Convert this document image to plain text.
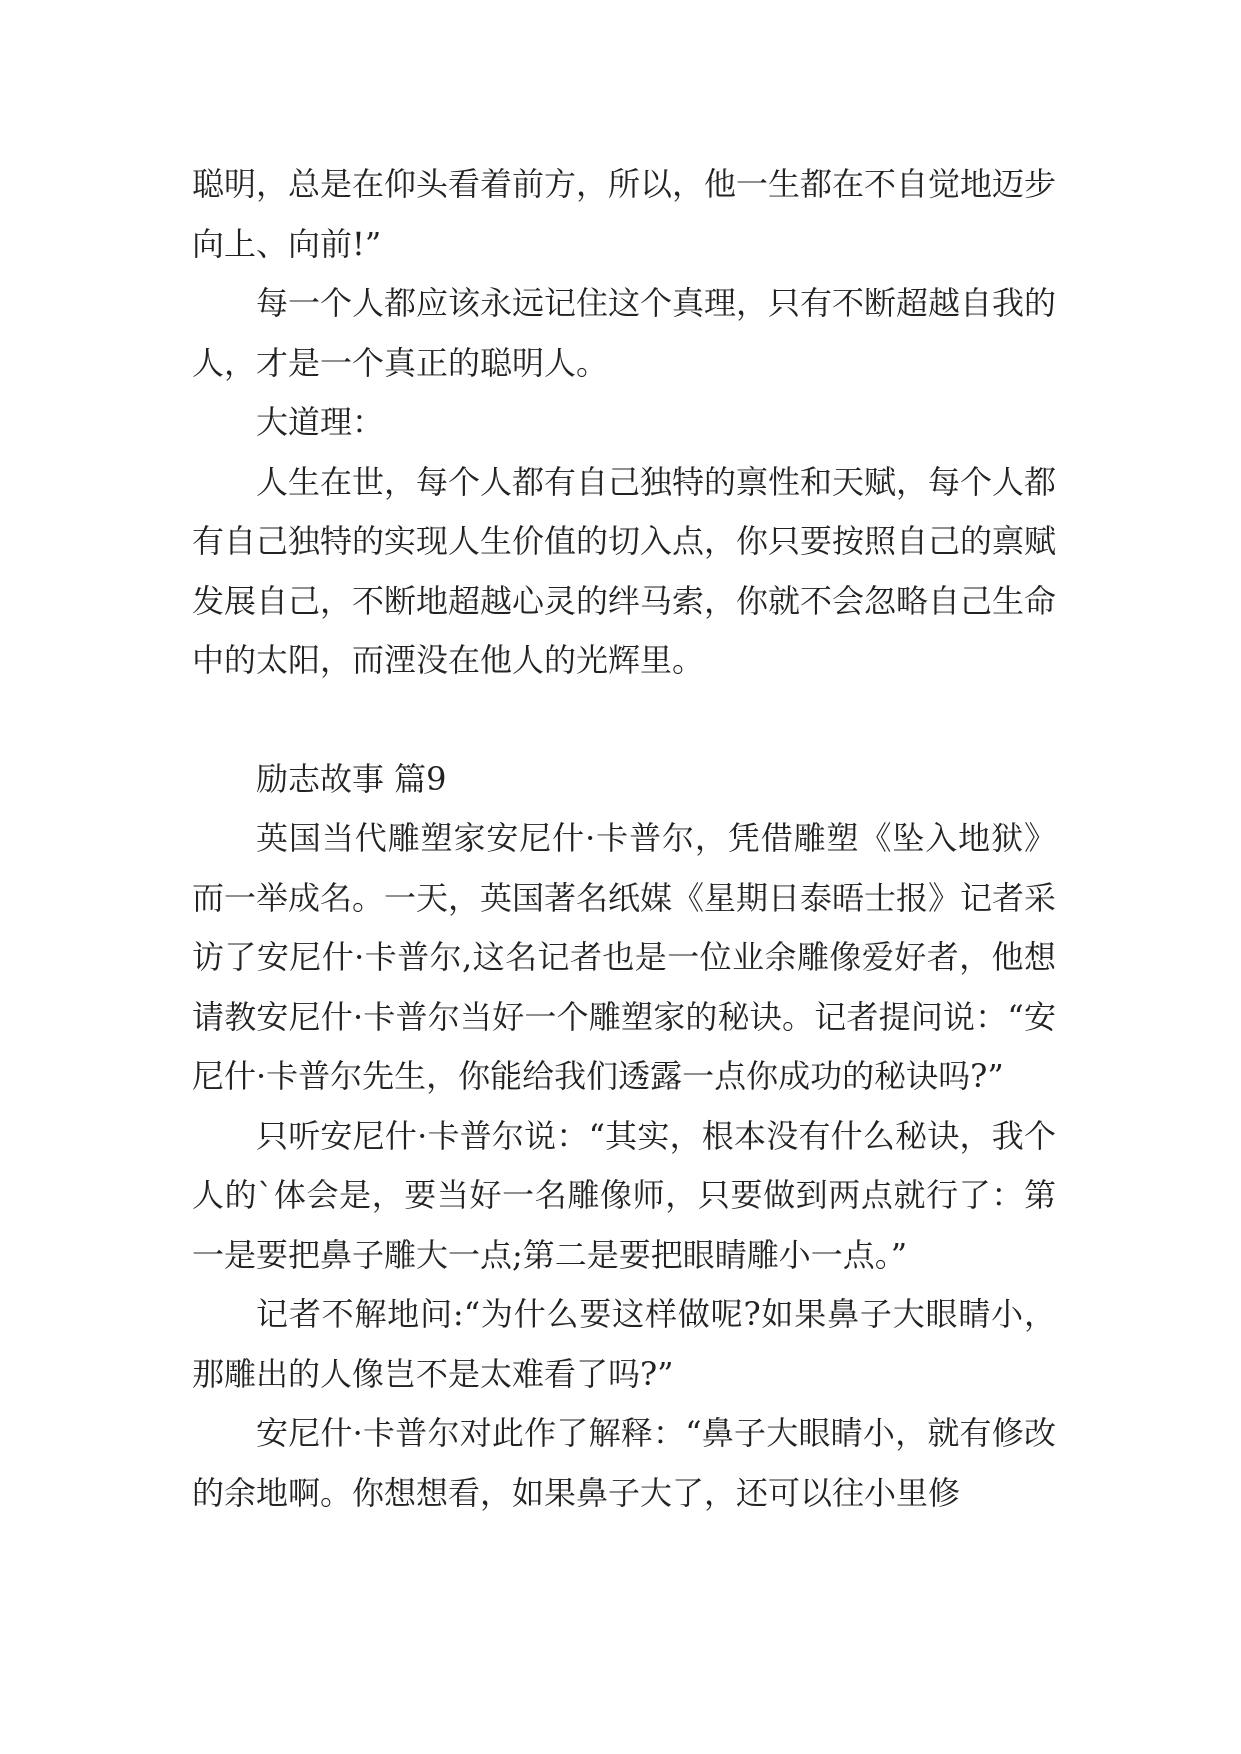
聪明，总是在仰头看着前方，所以，他一生都在不自觉地迈步向上、向前!”

每一个人都应该永远记住这个真理，只有不断超越自我的人，才是一个真正的聪明人。

大道理：

人生在世，每个人都有自己独特的禀性和天赋，每个人都有自己独特的实现人生价值的切入点，你只要按照自己的禀赋发展自己，不断地超越心灵的绊马索，你就不会忽略自己生命中的太阳，而湮没在他人的光辉里。

励志故事 篇9

英国当代雕塑家安尼什·卡普尔，凭借雕塑《坠入地狱》而一举成名。一天，英国著名纸媒《星期日泰晤士报》记者采访了安尼什·卡普尔,这名记者也是一位业余雕像爱好者，他想请教安尼什·卡普尔当好一个雕塑家的秘诀。记者提问说：“安尼什·卡普尔先生，你能给我们透露一点你成功的秘诀吗?”

只听安尼什·卡普尔说：“其实，根本没有什么秘诀，我个人的`体会是，要当好一名雕像师，只要做到两点就行了：第一是要把鼻子雕大一点;第二是要把眼睛雕小一点。”

记者不解地问:“为什么要这样做呢?如果鼻子大眼睛小，那雕出的人像岂不是太难看了吗?”

安尼什·卡普尔对此作了解释：“鼻子大眼睛小，就有修改的余地啊。你想想看，如果鼻子大了，还可以往小里修
